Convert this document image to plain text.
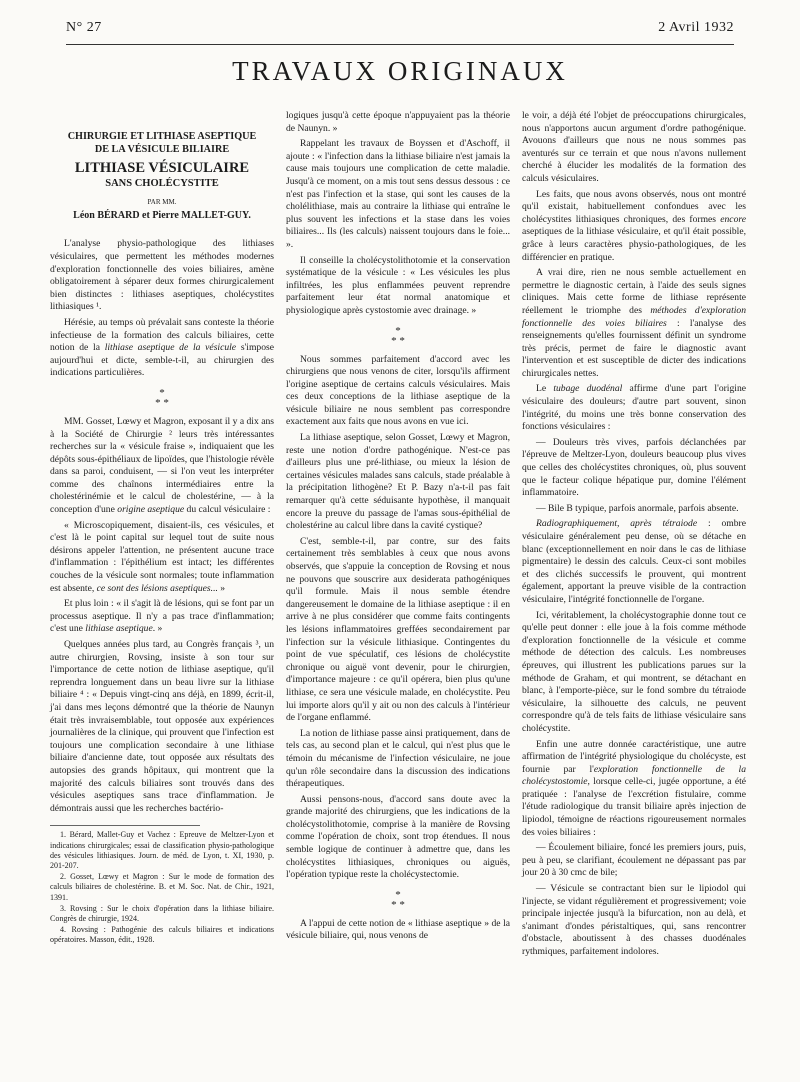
N° 27	2 Avril 1932
TRAVAUX ORIGINAUX
CHIRURGIE ET LITHIASE ASEPTIQUE
DE LA VÉSICULE BILIAIRE
LITHIASE VÉSICULAIRE
SANS CHOLÉCYSTITE
PAR MM.
Léon BÉRARD et Pierre MALLET-GUY.

L'analyse physio-pathologique des lithiases vésiculaires, que permettent les méthodes modernes d'exploration fonctionnelle des voies biliaires, amène obligatoirement à séparer deux formes chirurgicalement bien distinctes : lithiases aseptiques, cholécystites lithiasiques ¹.

Hérésie, au temps où prévalait sans conteste la théorie infectieuse de la formation des calculs biliaires, cette notion de la lithiase aseptique de la vésicule s'impose aujourd'hui et dicte, semble-t-il, au chirurgien des indications particulières.

*
* *

MM. Gosset, Lœwy et Magron, exposant il y a dix ans à la Société de Chirurgie ² leurs très intéressantes recherches sur la « vésicule fraise », indiquaient que les dépôts sous-épithéliaux de lipoïdes, que l'histologie révèle dans sa paroi, conduisent, — si l'on veut les interpréter comme des chaînons intermédiaires entre la cholestérinémie et le calcul de cholestérine, — à la conception d'une origine aseptique du calcul vésiculaire :

« Microscopiquement, disaient-ils, ces vésicules, et c'est là le point capital sur lequel tout de suite nous désirons appeler l'attention, ne présentent aucune trace d'inflammation : l'épithélium est intact; les différentes couches de la vésicule sont normales; toute inflammation est absente, ce sont des lésions aseptiques... »

Et plus loin : « il s'agit là de lésions, qui se font par un processus aseptique. Il n'y a pas trace d'inflammation; c'est une lithiase aseptique. »

Quelques années plus tard, au Congrès français ³, un autre chirurgien, Rovsing, insiste à son tour sur l'importance de cette notion de lithiase aseptique, qu'il reprendra longuement dans un beau livre sur la lithiase biliaire ⁴ : « Depuis vingt-cinq ans déjà, en 1899, écrit-il, j'ai dans mes leçons démontré que la théorie de Naunyn était très invraisemblable, tout opposée aux expériences journalières de la clinique, qui prouvent que l'infection est toujours une complication secondaire à une lithiase biliaire d'ancienne date, tout opposée aux résultats des autopsies des grands hôpitaux, qui montrent que la majorité des calculs biliaires sont trouvés dans des vésicules aseptiques sans trace d'inflammation. Je démontrais aussi que les recherches bactério-

1. Bérard, Mallet-Guy et Vachez : Epreuve de Meltzer-Lyon et indications chirurgicales; essai de classification physio-pathologique des vésicules lithiasiques. Journ. de méd. de Lyon, t. XI, 1930, p. 201-207.

2. Gosset, Lœwy et Magron : Sur le mode de formation des calculs biliaires de cholestérine. B. et M. Soc. Nat. de Chir., 1921, 1391.

3. Rovsing : Sur le choix d'opération dans la lithiase biliaire. Congrès de chirurgie, 1924.

4. Rovsing : Pathogénie des calculs biliaires et indications opératoires. Masson, édit., 1928.

logiques jusqu'à cette époque n'appuyaient pas la théorie de Naunyn. »

Rappelant les travaux de Boyssen et d'Aschoff, il ajoute : « l'infection dans la lithiase biliaire n'est jamais la cause mais toujours une complication de cette maladie. Jusqu'à ce moment, on a mis tout sens dessus dessous : ce n'est pas l'infection et la stase, qui sont les causes de la cholélithiase, mais au contraire la lithiase qui entraîne le plus souvent les infections et la stase dans les voies biliaires... Ils (les calculs) naissent toujours dans le foie... ».

Il conseille la cholécystolithotomie et la conservation systématique de la vésicule : « Les vésicules les plus infiltrées, les plus enflammées peuvent reprendre parfaitement leur état normal anatomique et physiologique après cystostomie avec drainage. »

*
* *

Nous sommes parfaitement d'accord avec les chirurgiens que nous venons de citer, lorsqu'ils affirment l'origine aseptique de certains calculs vésiculaires. Mais ces deux conceptions de la lithiase aseptique de la vésicule biliaire ne nous semblent pas correspondre exactement aux faits que nous avons en vue ici.

La lithiase aseptique, selon Gosset, Lœwy et Magron, reste une notion d'ordre pathogénique. N'est-ce pas d'ailleurs plus une pré-lithiase, ou mieux la lésion de certaines vésicules malades sans calculs, stade préalable à la précipitation lithogène? Et P. Bazy n'a-t-il pas fait remarquer qu'à cette séduisante hypothèse, il manquait encore la preuve du passage de l'amas sous-épithélial de cholestérine au calcul libre dans la cavité cystique?

C'est, semble-t-il, par contre, sur des faits certainement très semblables à ceux que nous avons observés, que s'appuie la conception de Rovsing et nous ne pouvons que souscrire aux desiderata pathogéniques qu'il formule. Mais il nous semble étendre dangereusement le domaine de la lithiase aseptique : il en arrive à ne plus considérer que comme faits contingents les lésions inflammatoires greffées secondairement par l'infection sur la vésicule lithiasique. Contingentes du point de vue spéculatif, ces lésions de cholécystite chronique ou aiguë vont devenir, pour le chirurgien, d'importance majeure : ce qu'il opérera, bien plus qu'une lithiase, ce sera une vésicule malade, en cholécystite. Peu lui importe alors qu'il y ait ou non des calculs à l'intérieur de l'organe enflammé.

La notion de lithiase passe ainsi pratiquement, dans de tels cas, au second plan et le calcul, qui n'est plus que le témoin du mécanisme de l'infection vésiculaire, ne joue qu'un rôle secondaire dans la discussion des indications thérapeutiques.

Aussi pensons-nous, d'accord sans doute avec la grande majorité des chirurgiens, que les indications de la cholécystolithotomie, comprise à la manière de Rovsing comme l'opération de choix, sont trop étendues. Il nous semble logique de continuer à admettre que, dans les cholécystites lithiasiques, chroniques ou aiguës, l'opération typique reste la cholécystectomie.

*
* *

A l'appui de cette notion de « lithiase aseptique » de la vésicule biliaire, qui, nous venons de

le voir, a déjà été l'objet de préoccupations chirurgicales, nous n'apportons aucun argument d'ordre pathogénique. Avouons d'ailleurs que nous ne nous sommes pas aventurés sur ce terrain et que nous n'avons nullement cherché à élucider les modalités de la formation des calculs vésiculaires.

Les faits, que nous avons observés, nous ont montré qu'il existait, habituellement confondues avec les cholécystites lithiasiques chroniques, des formes encore aseptiques de la lithiase vésiculaire, et qu'il était possible, grâce à leurs caractères physio-pathologiques, de les différencier en pratique.

A vrai dire, rien ne nous semble actuellement en permettre le diagnostic certain, à l'aide des seuls signes cliniques. Mais cette forme de lithiase représente réellement le triomphe des méthodes d'exploration fonctionnelle des voies biliaires : l'analyse des renseignements qu'elles fournissent définit un syndrome très précis, permet de faire le diagnostic avant l'intervention et est susceptible de dicter des indications chirurgicales nettes.

Le tubage duodénal affirme d'une part l'origine vésiculaire des douleurs; d'autre part souvent, sinon l'intégrité, du moins une très bonne conservation des fonctions vésiculaires :

— Douleurs très vives, parfois déclanchées par l'épreuve de Meltzer-Lyon, douleurs beaucoup plus vives que celles des cholécystites chroniques, où, plus souvent que le facteur colique hépatique pur, domine l'élément inflammatoire.

— Bile B typique, parfois anormale, parfois absente.

Radiographiquement, après tétraiode : ombre vésiculaire généralement peu dense, où se détache en blanc (exceptionnellement en noir dans le cas de lithiase pigmentaire) le dessin des calculs. Ceux-ci sont mobiles et des clichés successifs le prouvent, qui montrent également, apportant la preuve visible de la contraction vésiculaire, l'intégrité fonctionnelle de l'organe.

Ici, véritablement, la cholécystographie donne tout ce qu'elle peut donner : elle joue à la fois comme méthode d'exploration fonctionnelle de la vésicule et comme méthode de détection des calculs. Les nombreuses épreuves, qui illustrent les publications parues sur la méthode de Graham, et qui montrent, se détachant en blanc, à l'emporte-pièce, sur le fond sombre du tétraiode vésiculaire, la silhouette des calculs, ne peuvent correspondre qu'à de tels faits de lithiase vésiculaire sans cholécystite.

Enfin une autre donnée caractéristique, une autre affirmation de l'intégrité physiologique du cholécyste, est fournie par l'exploration fonctionnelle de la cholécystostomie, lorsque celle-ci, jugée opportune, a été pratiquée : l'analyse de l'excrétion fistulaire, comme l'étude radiologique du transit biliaire après injection de lipiodol, témoigne de réactions rigoureusement normales des voies biliaires :

— Écoulement biliaire, foncé les premiers jours, puis, peu à peu, se clarifiant, écoulement ne dépassant pas par jour 20 à 30 cmc de bile;

— Vésicule se contractant bien sur le lipiodol qui l'injecte, se vidant régulièrement et progressivement; voie principale injectée jusqu'à la bifurcation, non au delà, et s'animant d'ondes péristaltiques, qui, sans rencontrer d'obstacle, aboutissent à des chasses duodénales rythmiques, parfaitement indolores.
